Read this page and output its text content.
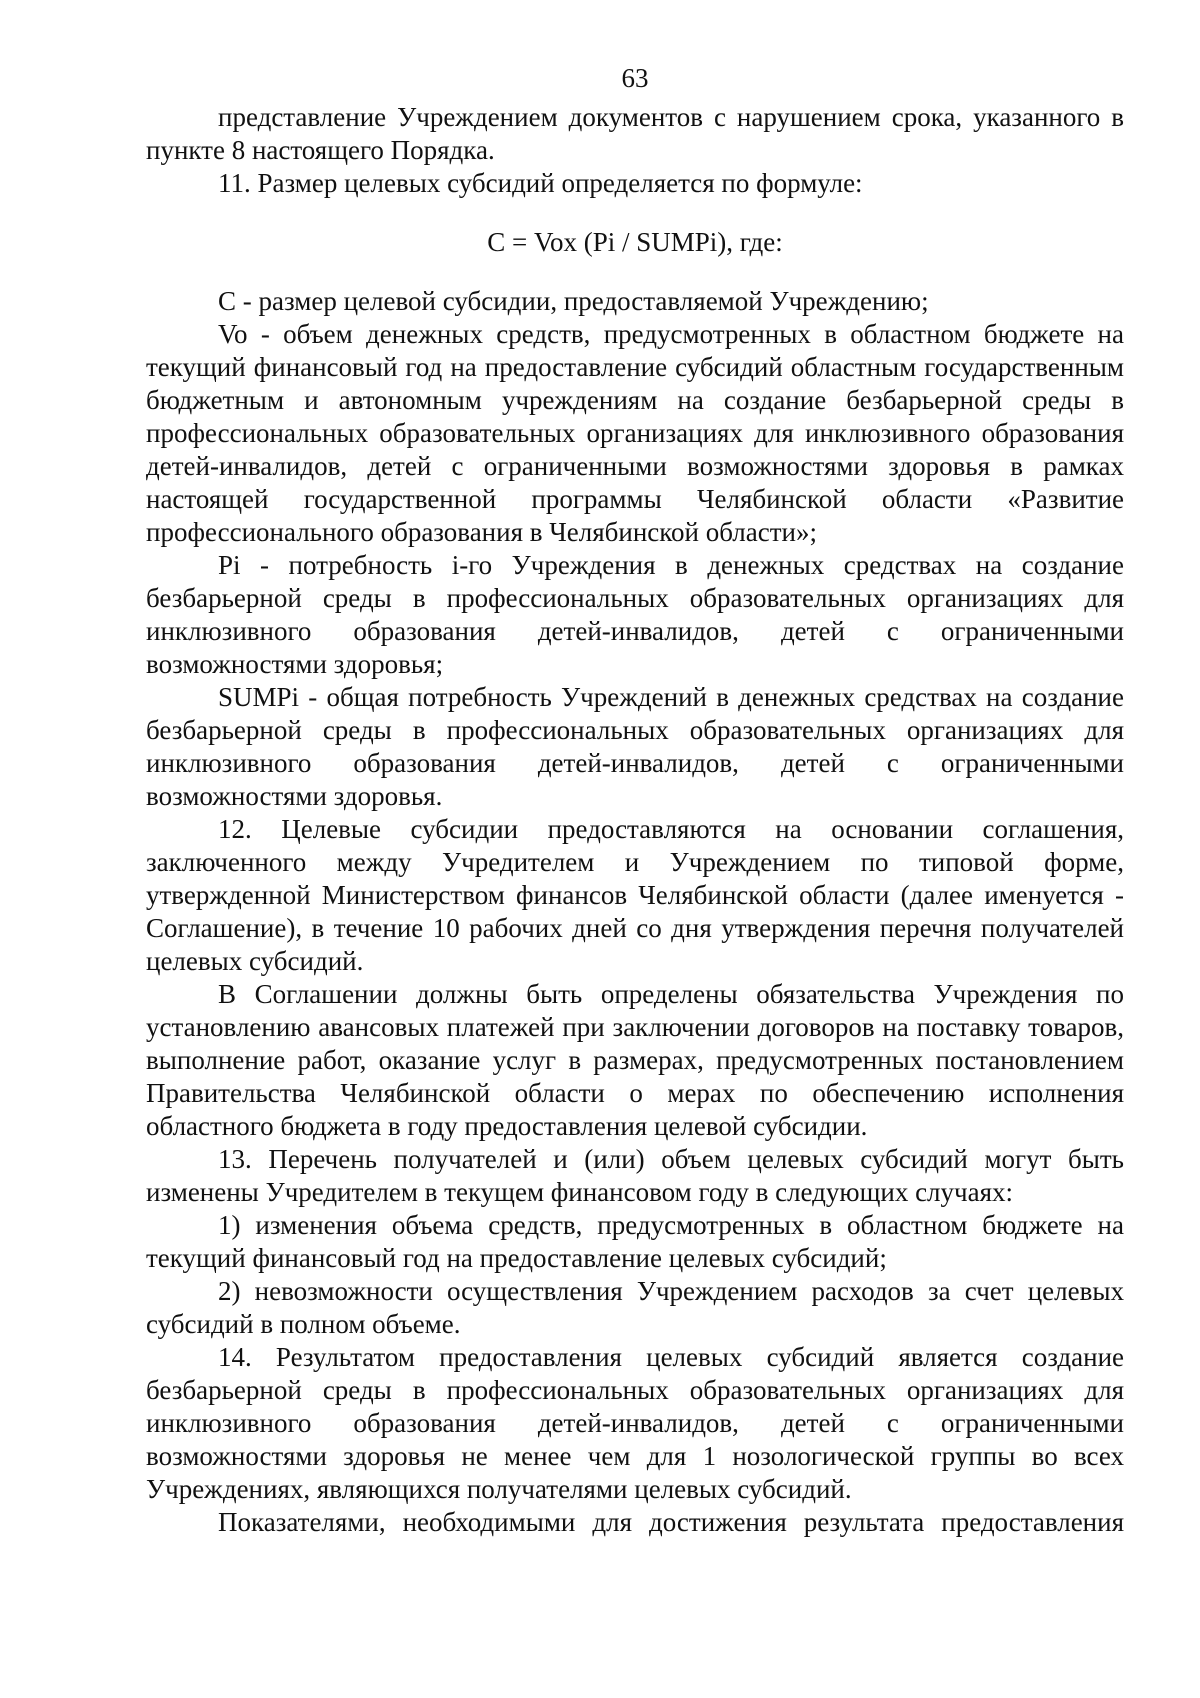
63

представление Учреждением документов с нарушением срока, указанного в пункте 8 настоящего Порядка.

11. Размер целевых субсидий определяется по формуле:

С = Vox (Pi / SUMPi), где:

С - размер целевой субсидии, предоставляемой Учреждению;

Vo - объем денежных средств, предусмотренных в областном бюджете на текущий финансовый год на предоставление субсидий областным государственным бюджетным и автономным учреждениям на создание безбарьерной среды в профессиональных образовательных организациях для инклюзивного образования детей-инвалидов, детей с ограниченными возможностями здоровья в рамках настоящей государственной программы Челябинской области «Развитие профессионального образования в Челябинской области»;

Pi - потребность i-го Учреждения в денежных средствах на создание безбарьерной среды в профессиональных образовательных организациях для инклюзивного образования детей-инвалидов, детей с ограниченными возможностями здоровья;

SUMPi - общая потребность Учреждений в денежных средствах на создание безбарьерной среды в профессиональных образовательных организациях для инклюзивного образования детей-инвалидов, детей с ограниченными возможностями здоровья.

12. Целевые субсидии предоставляются на основании соглашения, заключенного между Учредителем и Учреждением по типовой форме, утвержденной Министерством финансов Челябинской области (далее именуется - Соглашение), в течение 10 рабочих дней со дня утверждения перечня получателей целевых субсидий.

В Соглашении должны быть определены обязательства Учреждения по установлению авансовых платежей при заключении договоров на поставку товаров, выполнение работ, оказание услуг в размерах, предусмотренных постановлением Правительства Челябинской области о мерах по обеспечению исполнения областного бюджета в году предоставления целевой субсидии.

13. Перечень получателей и (или) объем целевых субсидий могут быть изменены Учредителем в текущем финансовом году в следующих случаях:

1) изменения объема средств, предусмотренных в областном бюджете на текущий финансовый год на предоставление целевых субсидий;

2) невозможности осуществления Учреждением расходов за счет целевых субсидий в полном объеме.

14. Результатом предоставления целевых субсидий является создание безбарьерной среды в профессиональных образовательных организациях для инклюзивного образования детей-инвалидов, детей с ограниченными возможностями здоровья не менее чем для 1 нозологической группы во всех Учреждениях, являющихся получателями целевых субсидий.

Показателями, необходимыми для достижения результата предоставления
